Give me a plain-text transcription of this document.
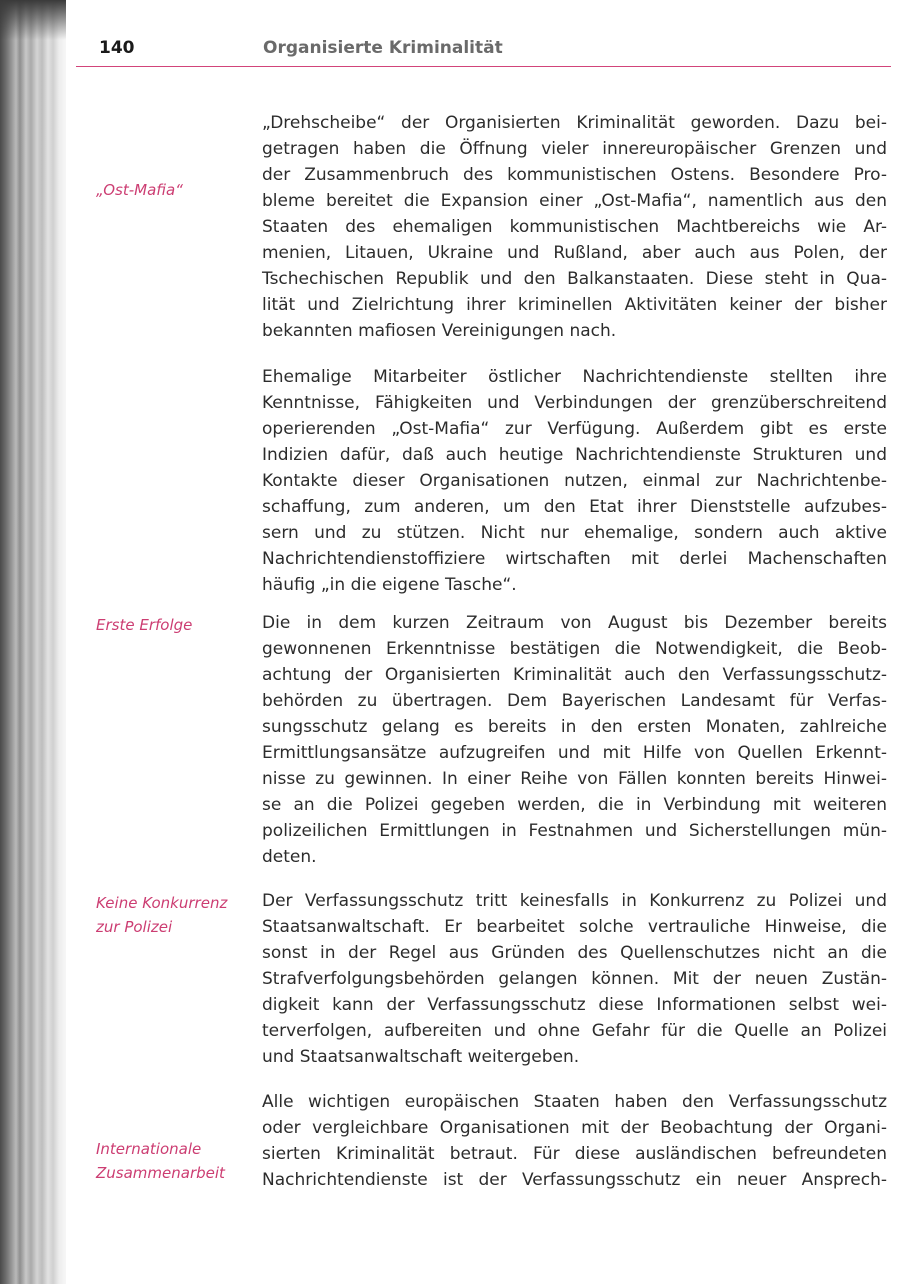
140	Organisierte Kriminalität
„Ost-Mafia“
Erste Erfolge
Keine Konkurrenz
zur Polizei
Internationale
Zusammenarbeit
„Drehscheibe“ der Organisierten Kriminalität geworden. Dazu bei-
getragen haben die Öffnung vieler innereuropäischer Grenzen und
der Zusammenbruch des kommunistischen Ostens. Besondere Pro-
bleme bereitet die Expansion einer „Ost-Mafia“, namentlich aus den
Staaten des ehemaligen kommunistischen Machtbereichs wie Ar-
menien, Litauen, Ukraine und Rußland, aber auch aus Polen, der
Tschechischen Republik und den Balkanstaaten. Diese steht in Qua-
lität und Zielrichtung ihrer kriminellen Aktivitäten keiner der bisher
bekannten mafiosen Vereinigungen nach.
Ehemalige Mitarbeiter östlicher Nachrichtendienste stellten ihre
Kenntnisse, Fähigkeiten und Verbindungen der grenzüberschreitend
operierenden „Ost-Mafia“ zur Verfügung. Außerdem gibt es erste
Indizien dafür, daß auch heutige Nachrichtendienste Strukturen und
Kontakte dieser Organisationen nutzen, einmal zur Nachrichtenbe-
schaffung, zum anderen, um den Etat ihrer Dienststelle aufzubes-
sern und zu stützen. Nicht nur ehemalige, sondern auch aktive
Nachrichtendienstoffiziere wirtschaften mit derlei Machenschaften
häufig „in die eigene Tasche“.
Die in dem kurzen Zeitraum von August bis Dezember bereits
gewonnenen Erkenntnisse bestätigen die Notwendigkeit, die Beob-
achtung der Organisierten Kriminalität auch den Verfassungsschutz-
behörden zu übertragen. Dem Bayerischen Landesamt für Verfas-
sungsschutz gelang es bereits in den ersten Monaten, zahlreiche
Ermittlungsansätze aufzugreifen und mit Hilfe von Quellen Erkennt-
nisse zu gewinnen. In einer Reihe von Fällen konnten bereits Hinwei-
se an die Polizei gegeben werden, die in Verbindung mit weiteren
polizeilichen Ermittlungen in Festnahmen und Sicherstellungen mün-
deten.
Der Verfassungsschutz tritt keinesfalls in Konkurrenz zu Polizei und
Staatsanwaltschaft. Er bearbeitet solche vertrauliche Hinweise, die
sonst in der Regel aus Gründen des Quellenschutzes nicht an die
Strafverfolgungsbehörden gelangen können. Mit der neuen Zustän-
digkeit kann der Verfassungsschutz diese Informationen selbst wei-
terverfolgen, aufbereiten und ohne Gefahr für die Quelle an Polizei
und Staatsanwaltschaft weitergeben.
Alle wichtigen europäischen Staaten haben den Verfassungsschutz
oder vergleichbare Organisationen mit der Beobachtung der Organi-
sierten Kriminalität betraut. Für diese ausländischen befreundeten
Nachrichtendienste ist der Verfassungsschutz ein neuer Ansprech-
